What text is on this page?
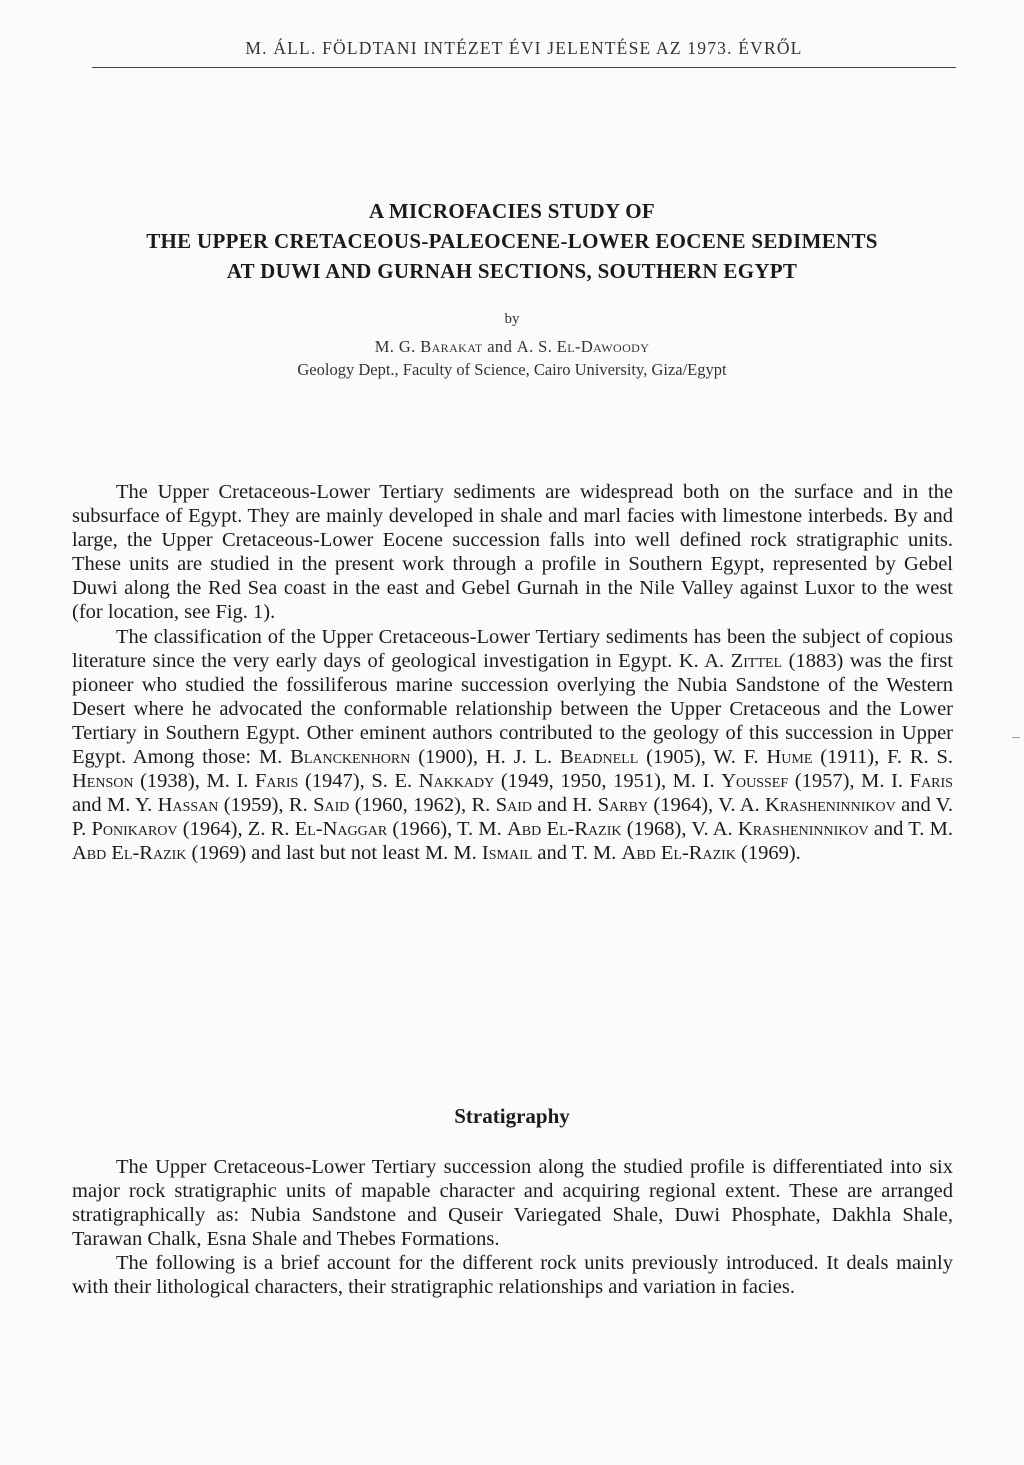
M. ÁLL. FÖLDTANI INTÉZET ÉVI JELENTÉSE AZ 1973. ÉVRŐL
A MICROFACIES STUDY OF
THE UPPER CRETACEOUS-PALEOCENE-LOWER EOCENE SEDIMENTS
AT DUWI AND GURNAH SECTIONS, SOUTHERN EGYPT
by
M. G. Barakat and A. S. El-Dawoody
Geology Dept., Faculty of Science, Cairo University, Giza/Egypt

The Upper Cretaceous-Lower Tertiary sediments are widespread both on the surface and in the subsurface of Egypt. They are mainly developed in shale and marl facies with limestone interbeds. By and large, the Upper Cretaceous-Lower Eocene succession falls into well defined rock stratigraphic units. These units are studied in the present work through a profile in Southern Egypt, represented by Gebel Duwi along the Red Sea coast in the east and Gebel Gurnah in the Nile Valley against Luxor to the west (for location, see Fig. 1).

The classification of the Upper Cretaceous-Lower Tertiary sediments has been the subject of copious literature since the very early days of geological investigation in Egypt. K. A. Zittel (1883) was the first pioneer who studied the fossiliferous marine succession overlying the Nubia Sandstone of the Western Desert where he advocated the conformable relationship between the Upper Cretaceous and the Lower Tertiary in Southern Egypt. Other eminent authors contributed to the geology of this succession in Upper Egypt. Among those: M. Blanckenhorn (1900), H. J. L. Beadnell (1905), W. F. Hume (1911), F. R. S. Henson (1938), M. I. Faris (1947), S. E. Nakkady (1949, 1950, 1951), M. I. Youssef (1957), M. I. Faris and M. Y. Hassan (1959), R. Said (1960, 1962), R. Said and H. Sarby (1964), V. A. Krasheninnikov and V. P. Ponikarov (1964), Z. R. El-Naggar (1966), T. M. Abd El-Razik (1968), V. A. Krasheninnikov and T. M. Abd El-Razik (1969) and last but not least M. M. Ismail and T. M. Abd El-Razik (1969).

Stratigraphy

The Upper Cretaceous-Lower Tertiary succession along the studied profile is differentiated into six major rock stratigraphic units of mapable character and acquiring regional extent. These are arranged stratigraphically as: Nubia Sandstone and Quseir Variegated Shale, Duwi Phosphate, Dakhla Shale, Tarawan Chalk, Esna Shale and Thebes Formations.

The following is a brief account for the different rock units previously introduced. It deals mainly with their lithological characters, their stratigraphic relationships and variation in facies.
